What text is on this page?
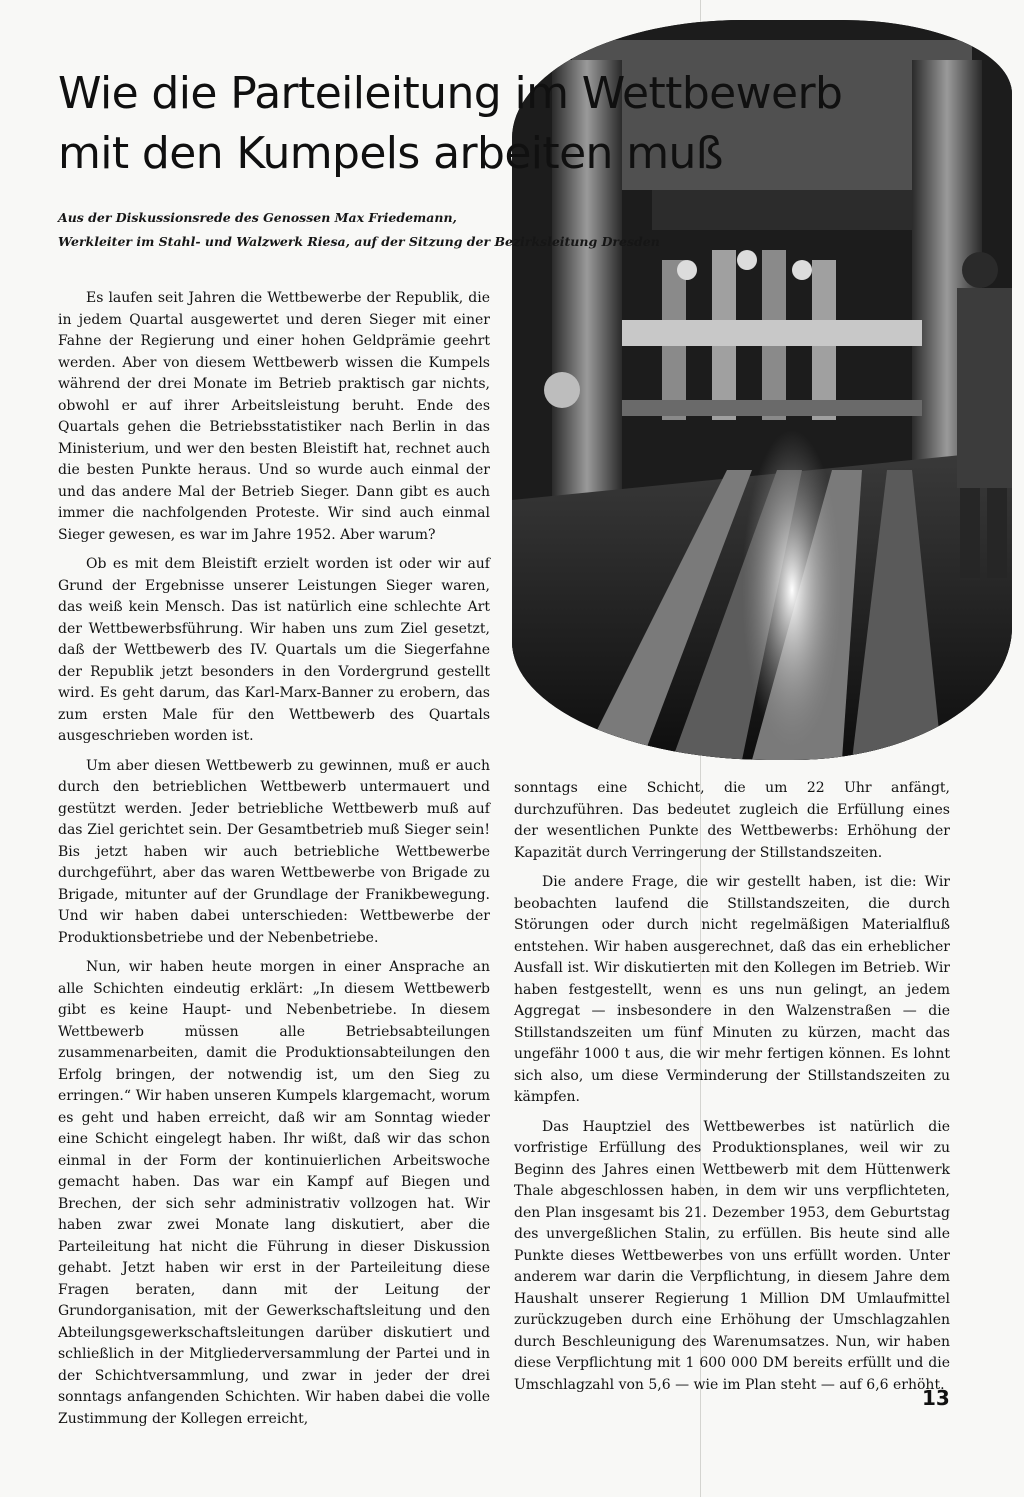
Wie die Parteileitung im Wettbewerb
mit den Kumpels arbeiten muß
Aus der Diskussionsrede des Genossen Max Friedemann,
Werkleiter im Stahl- und Walzwerk Riesa, auf der Sitzung der Bezirksleitung Dresden

Es laufen seit Jahren die Wettbewerbe der Republik, die in jedem Quartal ausgewertet und deren Sieger mit einer Fahne der Regierung und einer hohen Geldprämie geehrt werden. Aber von diesem Wettbewerb wissen die Kumpels während der drei Monate im Betrieb praktisch gar nichts, obwohl er auf ihrer Arbeitsleistung beruht. Ende des Quartals gehen die Betriebsstatistiker nach Berlin in das Ministerium, und wer den besten Bleistift hat, rechnet auch die besten Punkte heraus. Und so wurde auch einmal der und das andere Mal der Betrieb Sieger. Dann gibt es auch immer die nachfolgenden Proteste. Wir sind auch einmal Sieger gewesen, es war im Jahre 1952. Aber warum?

Ob es mit dem Bleistift erzielt worden ist oder wir auf Grund der Ergebnisse unserer Leistungen Sieger waren, das weiß kein Mensch. Das ist natürlich eine schlechte Art der Wettbewerbsführung. Wir haben uns zum Ziel gesetzt, daß der Wettbewerb des IV. Quartals um die Siegerfahne der Republik jetzt besonders in den Vordergrund gestellt wird. Es geht darum, das Karl-Marx-Banner zu erobern, das zum ersten Male für den Wettbewerb des Quartals ausgeschrieben worden ist.

Um aber diesen Wettbewerb zu gewinnen, muß er auch durch den betrieblichen Wettbewerb untermauert und gestützt werden. Jeder betriebliche Wettbewerb muß auf das Ziel gerichtet sein. Der Gesamtbetrieb muß Sieger sein! Bis jetzt haben wir auch betriebliche Wettbewerbe durchgeführt, aber das waren Wettbewerbe von Brigade zu Brigade, mitunter auf der Grundlage der Franikbewegung. Und wir haben dabei unterschieden: Wettbewerbe der Produktionsbetriebe und der Nebenbetriebe.

Nun, wir haben heute morgen in einer Ansprache an alle Schichten eindeutig erklärt: „In diesem Wettbewerb gibt es keine Haupt- und Nebenbetriebe. In diesem Wettbewerb müssen alle Betriebsabteilungen zusammenarbeiten, damit die Produktionsabteilungen den Erfolg bringen, der notwendig ist, um den Sieg zu erringen.“ Wir haben unseren Kumpels klargemacht, worum es geht und haben erreicht, daß wir am Sonntag wieder eine Schicht eingelegt haben. Ihr wißt, daß wir das schon einmal in der Form der kontinuierlichen Arbeitswoche gemacht haben. Das war ein Kampf auf Biegen und Brechen, der sich sehr administrativ vollzogen hat. Wir haben zwar zwei Monate lang diskutiert, aber die Parteileitung hat nicht die Führung in dieser Diskussion gehabt. Jetzt haben wir erst in der Parteileitung diese Fragen beraten, dann mit der Leitung der Grundorganisation, mit der Gewerkschaftsleitung und den Abteilungsgewerkschaftsleitungen darüber diskutiert und schließlich in der Mitgliederversammlung der Partei und in der Schichtversammlung, und zwar in jeder der drei sonntags anfangenden Schichten. Wir haben dabei die volle Zustimmung der Kollegen erreicht,

sonntags eine Schicht, die um 22 Uhr anfängt, durchzuführen. Das bedeutet zugleich die Erfüllung eines der wesentlichen Punkte des Wettbewerbs: Erhöhung der Kapazität durch Verringerung der Stillstandszeiten.

Die andere Frage, die wir gestellt haben, ist die: Wir beobachten laufend die Stillstandszeiten, die durch Störungen oder durch nicht regelmäßigen Materialfluß entstehen. Wir haben ausgerechnet, daß das ein erheblicher Ausfall ist. Wir diskutierten mit den Kollegen im Betrieb. Wir haben festgestellt, wenn es uns nun gelingt, an jedem Aggregat — insbesondere in den Walzenstraßen — die Stillstandszeiten um fünf Minuten zu kürzen, macht das ungefähr 1000 t aus, die wir mehr fertigen können. Es lohnt sich also, um diese Verminderung der Stillstandszeiten zu kämpfen.

Das Hauptziel des Wettbewerbes ist natürlich die vorfristige Erfüllung des Produktionsplanes, weil wir zu Beginn des Jahres einen Wettbewerb mit dem Hüttenwerk Thale abgeschlossen haben, in dem wir uns verpflichteten, den Plan insgesamt bis 21. Dezember 1953, dem Geburtstag des unvergeßlichen Stalin, zu erfüllen. Bis heute sind alle Punkte dieses Wettbewerbes von uns erfüllt worden. Unter anderem war darin die Verpflichtung, in diesem Jahre dem Haushalt unserer Regierung 1 Million DM Umlaufmittel zurückzugeben durch eine Erhöhung der Umschlagzahlen durch Beschleunigung des Warenumsatzes. Nun, wir haben diese Verpflichtung mit 1 600 000 DM bereits erfüllt und die Umschlagzahl von 5,6 — wie im Plan steht — auf 6,6 erhöht.

13
